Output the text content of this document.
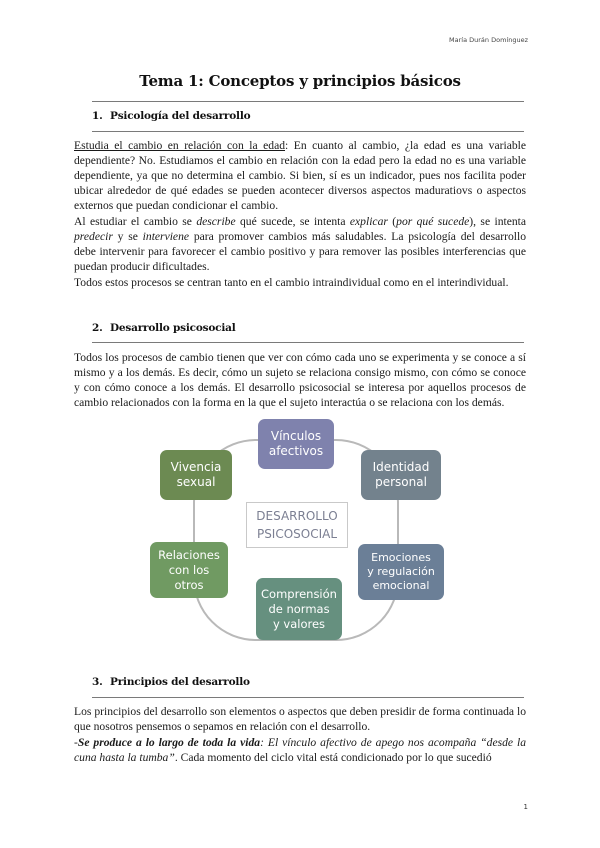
María Durán Domínguez
Tema 1: Conceptos y principios básicos
1. Psicología del desarrollo

Estudia el cambio en relación con la edad: En cuanto al cambio, ¿la edad es una variable dependiente? No. Estudiamos el cambio en relación con la edad pero la edad no es una variable dependiente, ya que no determina el cambio. Si bien, sí es un indicador, pues nos facilita poder ubicar alrededor de qué edades se pueden acontecer diversos aspectos maduratiovs o aspectos externos que puedan condicionar el cambio.

Al estudiar el cambio se describe qué sucede, se intenta explicar (por qué sucede), se intenta predecir y se interviene para promover cambios más saludables. La psicología del desarrollo debe intervenir para favorecer el cambio positivo y para remover las posibles interferencias que puedan producir dificultades.

Todos estos procesos se centran tanto en el cambio intraindividual como en el interindividual.

2. Desarrollo psicosocial

Todos los procesos de cambio tienen que ver con cómo cada uno se experimenta y se conoce a sí mismo y a los demás. Es decir, cómo un sujeto se relaciona consigo mismo, con cómo se conoce y con cómo conoce a los demás. El desarrollo psicosocial se interesa por aquellos procesos de cambio relacionados con la forma en la que el sujeto interactúa o se relaciona con los demás.

DESARROLLO
PSICOSOCIAL
Vínculos
afectivos
Identidad
personal
Emociones
y regulación
emocional
Comprensión
de normas
y valores
Relaciones
con los
otros
Vivencia
sexual
3. Principios del desarrollo

Los principios del desarrollo son elementos o aspectos que deben presidir de forma continuada lo que nosotros pensemos o sepamos en relación con el desarrollo.

-Se produce a lo largo de toda la vida: El vínculo afectivo de apego nos acompaña “desde la cuna hasta la tumba”. Cada momento del ciclo vital está condicionado por lo que sucedió

1
